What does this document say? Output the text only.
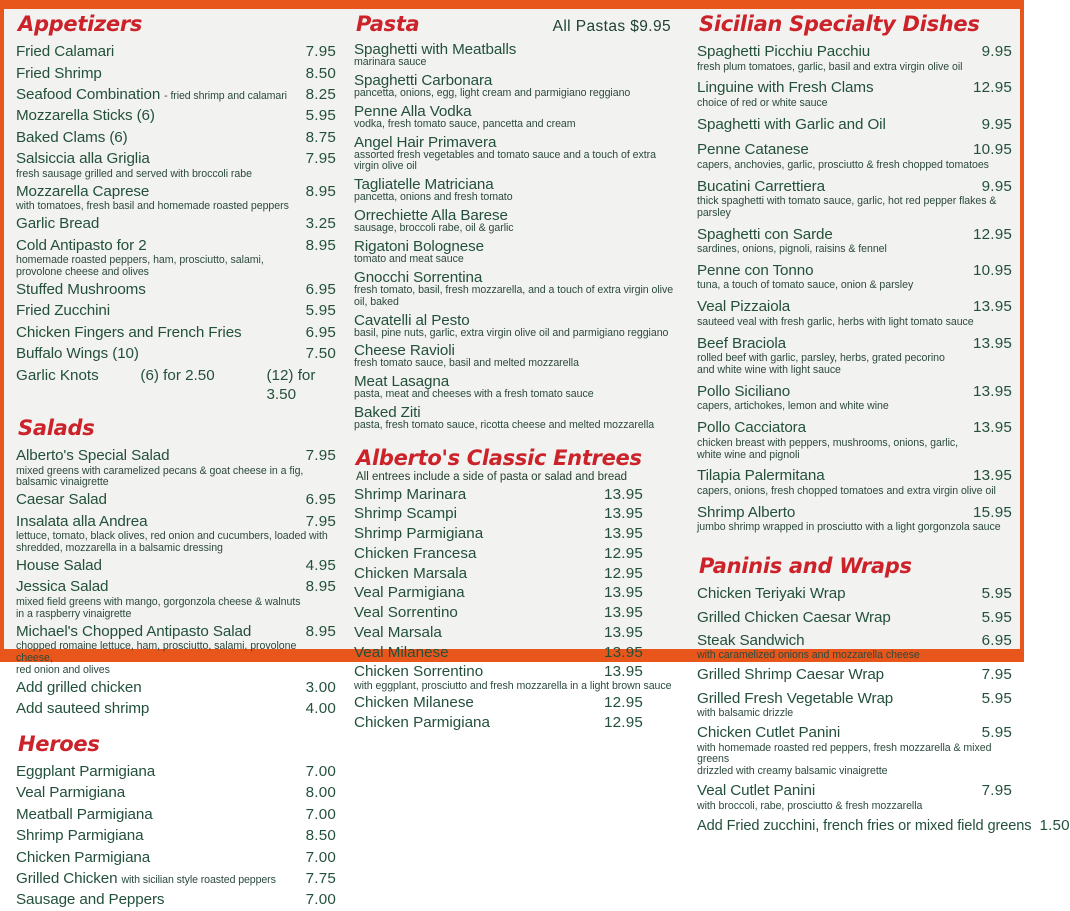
Appetizers
Fried Calamari	7.95
Fried Shrimp	8.50
Seafood Combination - fried shrimp and calamari	8.25
Mozzarella Sticks (6)	5.95
Baked Clams (6)	8.75
Salsiccia alla Griglia	7.95
fresh sausage grilled and served with broccoli rabe
Mozzarella Caprese	8.95
with tomatoes, fresh basil and homemade roasted peppers
Garlic Bread	3.25
Cold Antipasto for 2	8.95
homemade roasted peppers, ham, prosciutto, salami,
provolone cheese and olives
Stuffed Mushrooms	6.95
Fried Zucchini	5.95
Chicken Fingers and French Fries	6.95
Buffalo Wings (10)	7.50
Garlic Knots	(6) for 2.50	(12) for 3.50
Salads
Alberto's Special Salad	7.95
mixed greens with caramelized pecans & goat cheese in a fig,
balsamic vinaigrette
Caesar Salad	6.95
Insalata alla Andrea	7.95
lettuce, tomato, black olives, red onion and cucumbers, loaded with
shredded, mozzarella in a balsamic dressing
House Salad	4.95
Jessica Salad	8.95
mixed field greens with mango, gorgonzola cheese & walnuts
in a raspberry vinaigrette
Michael's Chopped Antipasto Salad	8.95
chopped romaine lettuce, ham, prosciutto, salami, provolone cheese,
red onion and olives
Add grilled chicken	3.00
Add sauteed shrimp	4.00
Heroes
Eggplant Parmigiana	7.00
Veal Parmigiana	8.00
Meatball Parmigiana	7.00
Shrimp Parmigiana	8.50
Chicken Parmigiana	7.00
Grilled Chicken with sicilian style roasted peppers	7.75
Sausage and Peppers	7.00
Pasta	All Pastas $9.95
Spaghetti with Meatballs
marinara sauce
Spaghetti Carbonara
pancetta, onions, egg, light cream and parmigiano reggiano
Penne Alla Vodka
vodka, fresh tomato sauce, pancetta and cream
Angel Hair Primavera
assorted fresh vegetables and tomato sauce and a touch of extra virgin olive oil
Tagliatelle Matriciana
pancetta, onions and fresh tomato
Orrechiette Alla Barese
sausage, broccoli rabe, oil & garlic
Rigatoni Bolognese
tomato and meat sauce
Gnocchi Sorrentina
fresh tomato, basil, fresh mozzarella, and a touch of extra virgin olive oil, baked
Cavatelli al Pesto
basil, pine nuts, garlic, extra virgin olive oil and parmigiano reggiano
Cheese Ravioli
fresh tomato sauce, basil and melted mozzarella
Meat Lasagna
pasta, meat and cheeses with a fresh tomato sauce
Baked Ziti
pasta, fresh tomato sauce, ricotta cheese and melted mozzarella
Alberto's Classic Entrees
All entrees include a side of pasta or salad and bread
Shrimp Marinara	13.95
Shrimp Scampi	13.95
Shrimp Parmigiana	13.95
Chicken Francesa	12.95
Chicken Marsala	12.95
Veal Parmigiana	13.95
Veal Sorrentino	13.95
Veal Marsala	13.95
Veal Milanese	13.95
Chicken Sorrentino	13.95
with eggplant, prosciutto and fresh mozzarella in a light brown sauce
Chicken Milanese	12.95
Chicken Parmigiana	12.95
Sicilian Specialty Dishes
Spaghetti Picchiu Pacchiu	9.95
fresh plum tomatoes, garlic, basil and extra virgin olive oil
Linguine with Fresh Clams	12.95
choice of red or white sauce
Spaghetti with Garlic and Oil	9.95
Penne Catanese	10.95
capers, anchovies, garlic, prosciutto & fresh chopped tomatoes
Bucatini Carrettiera	9.95
thick spaghetti with tomato sauce, garlic, hot red pepper flakes & parsley
Spaghetti con Sarde	12.95
sardines, onions, pignoli, raisins & fennel
Penne con Tonno	10.95
tuna, a touch of tomato sauce, onion & parsley
Veal Pizzaiola	13.95
sauteed veal with fresh garlic, herbs with light tomato sauce
Beef Braciola	13.95
rolled beef with garlic, parsley, herbs, grated pecorino
and white wine with light sauce
Pollo Siciliano	13.95
capers, artichokes, lemon and white wine
Pollo Cacciatora	13.95
chicken breast with peppers, mushrooms, onions, garlic,
white wine and pignoli
Tilapia Palermitana	13.95
capers, onions, fresh chopped tomatoes and extra virgin olive oil
Shrimp Alberto	15.95
jumbo shrimp wrapped in prosciutto with a light gorgonzola sauce
Paninis and Wraps
Chicken Teriyaki Wrap	5.95
Grilled Chicken Caesar Wrap	5.95
Steak Sandwich	6.95
with caramelized onions and mozzarella cheese
Grilled Shrimp Caesar Wrap	7.95
Grilled Fresh Vegetable Wrap	5.95
with balsamic drizzle
Chicken Cutlet Panini	5.95
with homemade roasted red peppers, fresh mozzarella & mixed greens
drizzled with creamy balsamic vinaigrette
Veal Cutlet Panini	7.95
with broccoli, rabe, prosciutto & fresh mozzarella
Add Fried zucchini, french fries or mixed field greens 1.50
